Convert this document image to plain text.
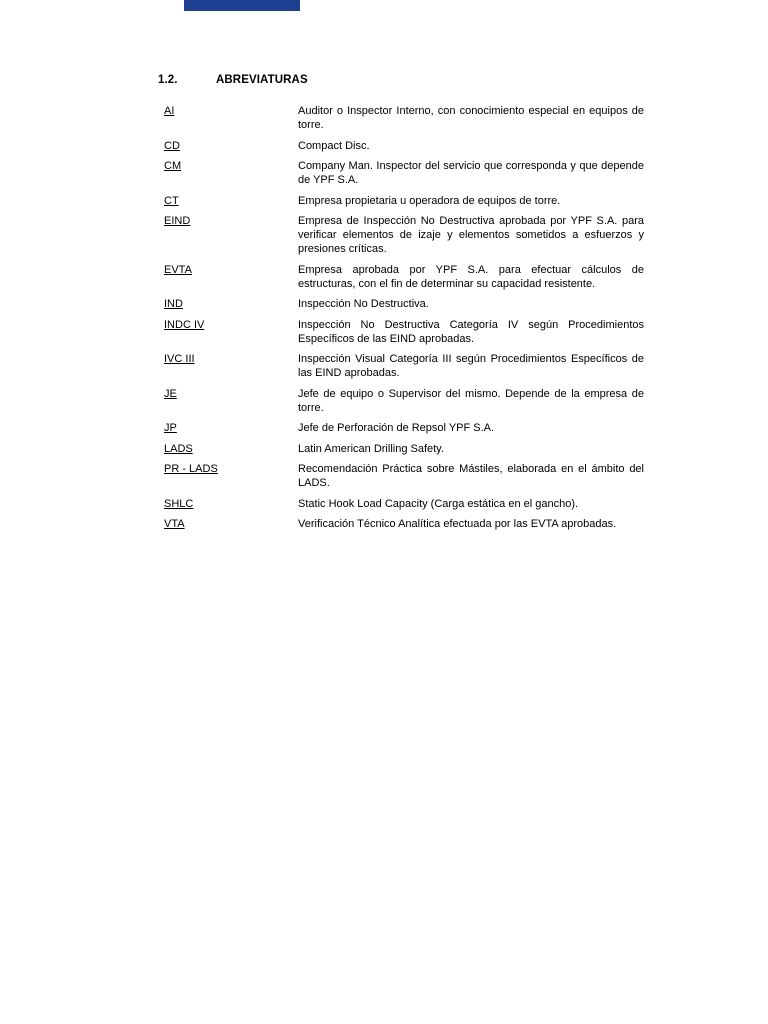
1.2.	ABREVIATURAS
AI	Auditor o Inspector Interno, con conocimiento especial en equipos de torre.
CD	Compact Disc.
CM	Company Man. Inspector del servicio que corresponda y que depende de YPF S.A.
CT	Empresa propietaria u operadora de equipos de torre.
EIND	Empresa de Inspección No Destructiva aprobada por YPF S.A. para verificar elementos de izaje y elementos sometidos a esfuerzos y presiones críticas.
EVTA	Empresa aprobada por YPF S.A. para efectuar cálculos de estructuras, con el fin de determinar su capacidad resistente.
IND	Inspección No Destructiva.
INDC IV	Inspección No Destructiva Categoría IV según Procedimientos Específicos de las EIND aprobadas.
IVC III	Inspección Visual Categoría III según Procedimientos Específicos de las EIND aprobadas.
JE	Jefe de equipo o Supervisor del mismo. Depende de la empresa de torre.
JP	Jefe de Perforación de Repsol YPF S.A.
LADS	Latin American Drilling Safety.
PR - LADS	Recomendación Práctica sobre Mástiles, elaborada en el ámbito del LADS.
SHLC	Static Hook Load Capacity (Carga estática en el gancho).
VTA	Verificación Técnico Analítica efectuada por las EVTA aprobadas.
